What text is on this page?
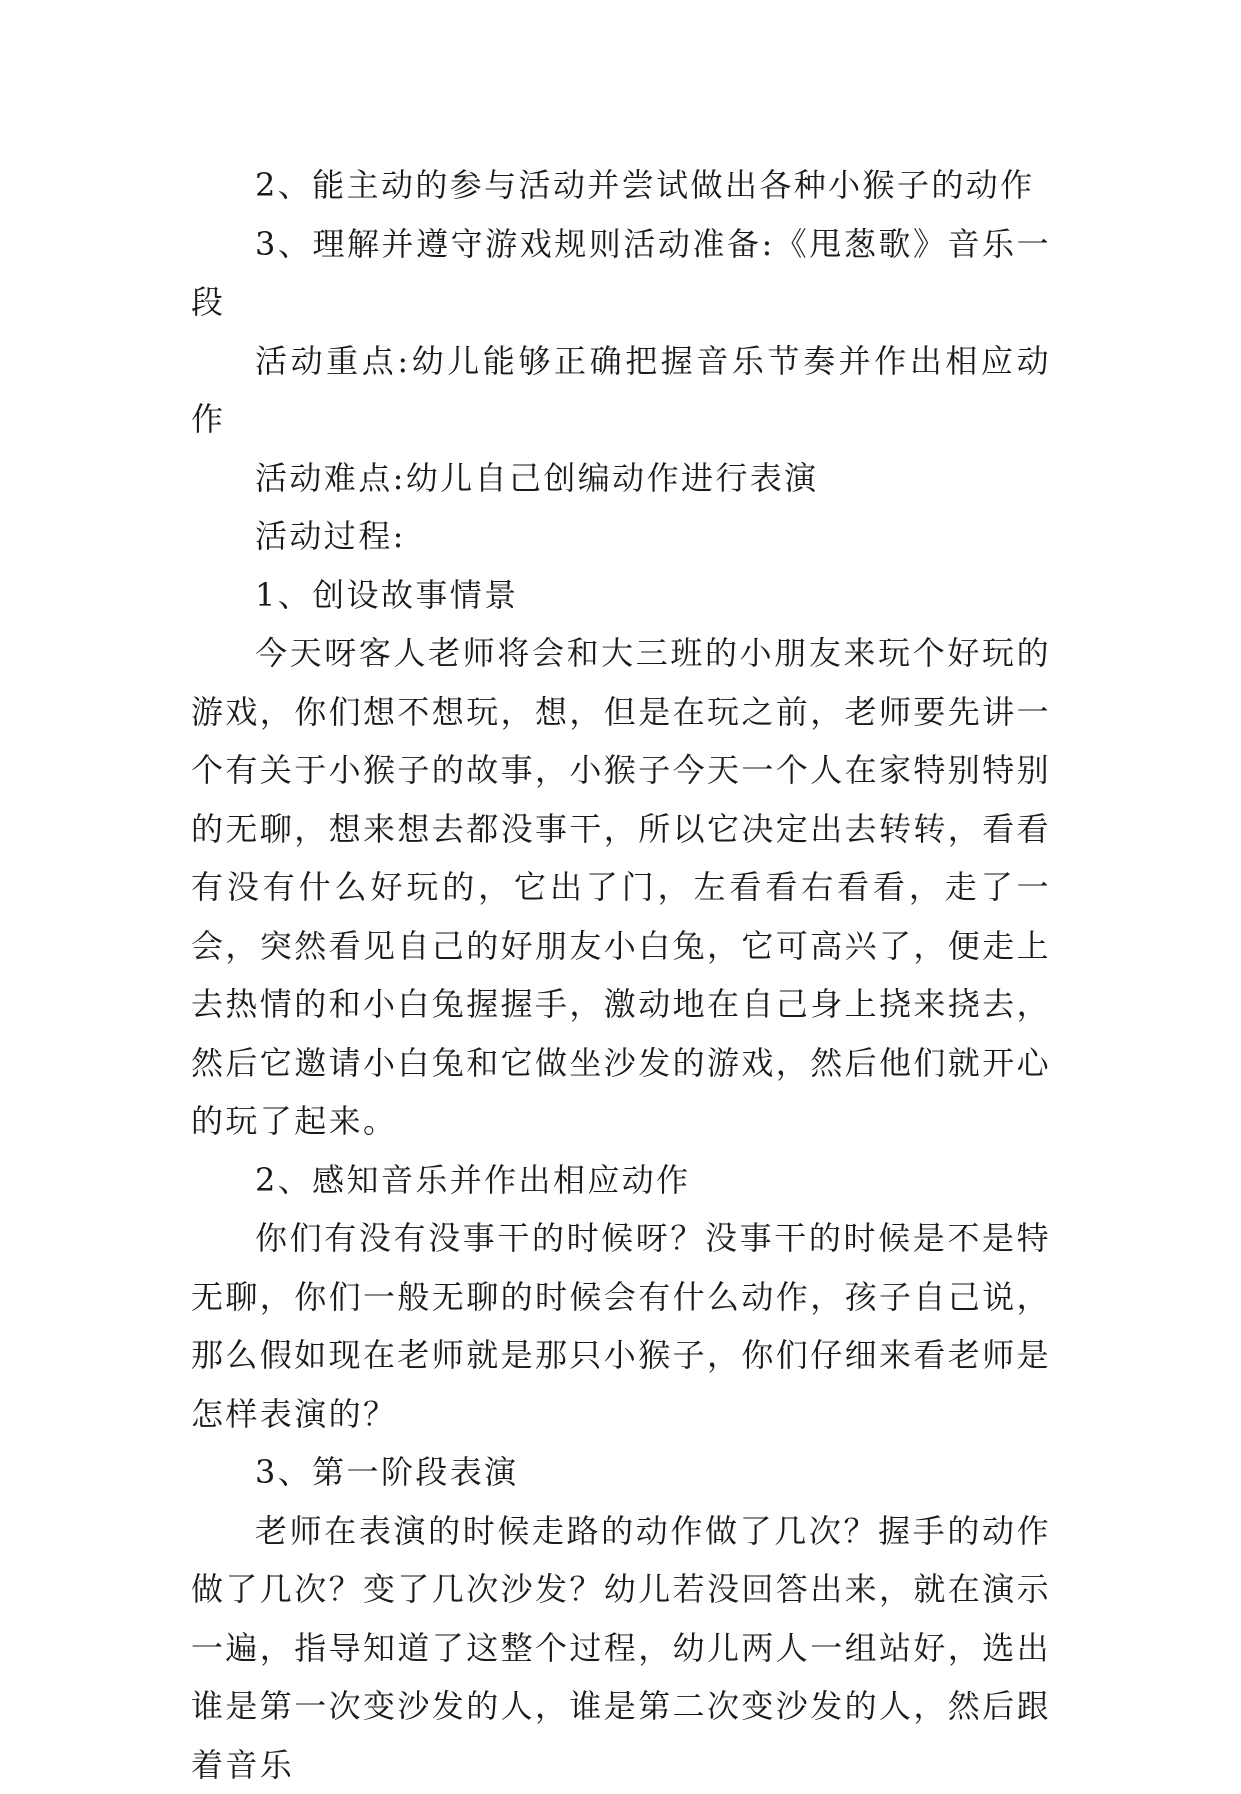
2、能主动的参与活动并尝试做出各种小猴子的动作

3、理解并遵守游戏规则活动准备:《甩葱歌》音乐一段

活动重点:幼儿能够正确把握音乐节奏并作出相应动作

活动难点:幼儿自己创编动作进行表演

活动过程:

1、创设故事情景

今天呀客人老师将会和大三班的小朋友来玩个好玩的游戏，你们想不想玩，想，但是在玩之前，老师要先讲一个有关于小猴子的故事，小猴子今天一个人在家特别特别的无聊，想来想去都没事干，所以它决定出去转转，看看有没有什么好玩的，它出了门，左看看右看看，走了一会，突然看见自己的好朋友小白兔，它可高兴了，便走上去热情的和小白兔握握手，激动地在自己身上挠来挠去，然后它邀请小白兔和它做坐沙发的游戏，然后他们就开心的玩了起来。

2、感知音乐并作出相应动作

你们有没有没事干的时候呀？没事干的时候是不是特无聊，你们一般无聊的时候会有什么动作，孩子自己说，那么假如现在老师就是那只小猴子，你们仔细来看老师是怎样表演的？

3、第一阶段表演

老师在表演的时候走路的动作做了几次？握手的动作做了几次？变了几次沙发？幼儿若没回答出来，就在演示一遍，指导知道了这整个过程，幼儿两人一组站好，选出谁是第一次变沙发的人，谁是第二次变沙发的人，然后跟着音乐
